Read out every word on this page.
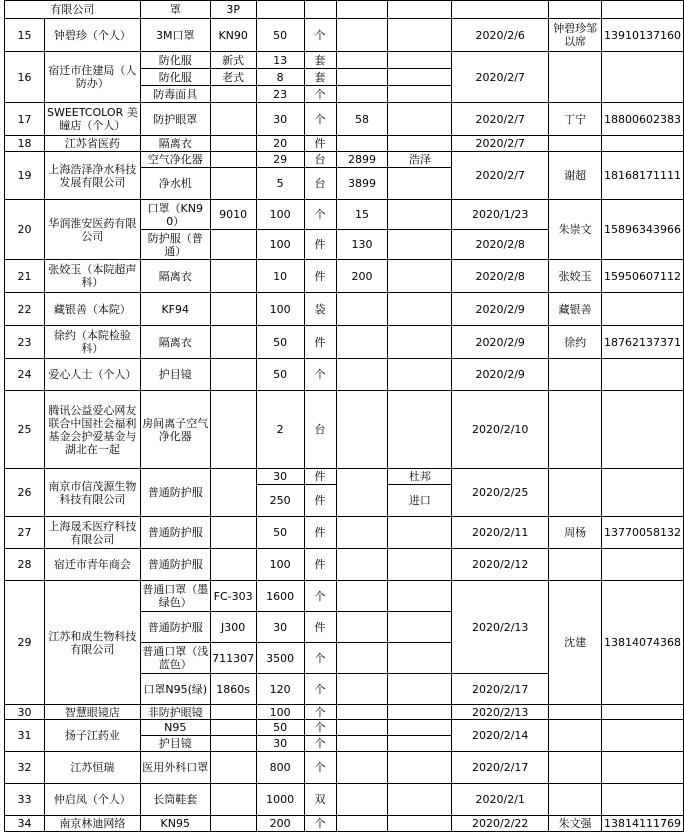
有限公司		罩	3P							
15	钟碧珍（个人）	3M口罩	KN90	50	个			2020/2/6	钟碧珍邹以席	13910137160
16	宿迁市住建局（人防办）	防化服	新式	13	套			2020/2/7		
		防化服	老式	8	套					
		防毒面具		23	个					
17	SWEETCOLOR 美瞳店（个人）	防护眼罩		30	个	58		2020/2/7	丁宁	18800602383
18	江苏省医药	隔离衣		20	件			2020/2/7		
19	上海浩泽净水科技发展有限公司	空气净化器		29	台	2899	浩泽	2020/2/7	谢超	18168171111
		净水机		5	台	3899				
20	华润淮安医药有限公司	口罩（KN90）	9010	100	个	15		2020/1/23	朱崇文	15896343966
		防护服（普通）		100	件	130		2020/2/8		
21	张姣玉（本院超声科）	隔离衣		10	件	200		2020/2/8	张姣玉	15950607112
22	藏银善（本院）	KF94		100	袋			2020/2/9	藏银善	
23	徐约（本院检验科）	隔离衣		50	件			2020/2/9	徐约	18762137371
24	爱心人士（个人）	护目镜		50	个			2020/2/9		
25	腾讯公益爱心网友联合中国社会福利基金会护爱基金与湖北在一起	房间离子空气净化器		2	台			2020/2/10		
26	南京市信茂源生物科技有限公司	普通防护服		30	件		杜邦	2020/2/25		
				250	件		进口			
27	上海晟禾医疗科技有限公司	普通防护服		50	件			2020/2/11	周杨	13770058132
28	宿迁市青年商会	普通防护服		100	件			2020/2/12		
29	江苏和成生物科技有限公司	普通口罩（墨绿色）	FC-303	1600	个			2020/2/13	沈建	13814074368
		普通防护服	J300	30	件					
		普通口罩（浅蓝色）	711307	3500	个					
		口罩N95(绿)	1860s	120	个			2020/2/17		
30	智慧眼镜店	非防护眼镜		100	个			2020/2/13		
31	扬子江药业	N95		50	个			2020/2/14		
		护目镜		30	个					
32	江苏恒瑞	医用外科口罩		800	个			2020/2/17		
33	仲启凤（个人）	长筒鞋套		1000	双			2020/2/1		
34	南京林迪网络	KN95		200	个			2020/2/22	朱文强	13814111769
